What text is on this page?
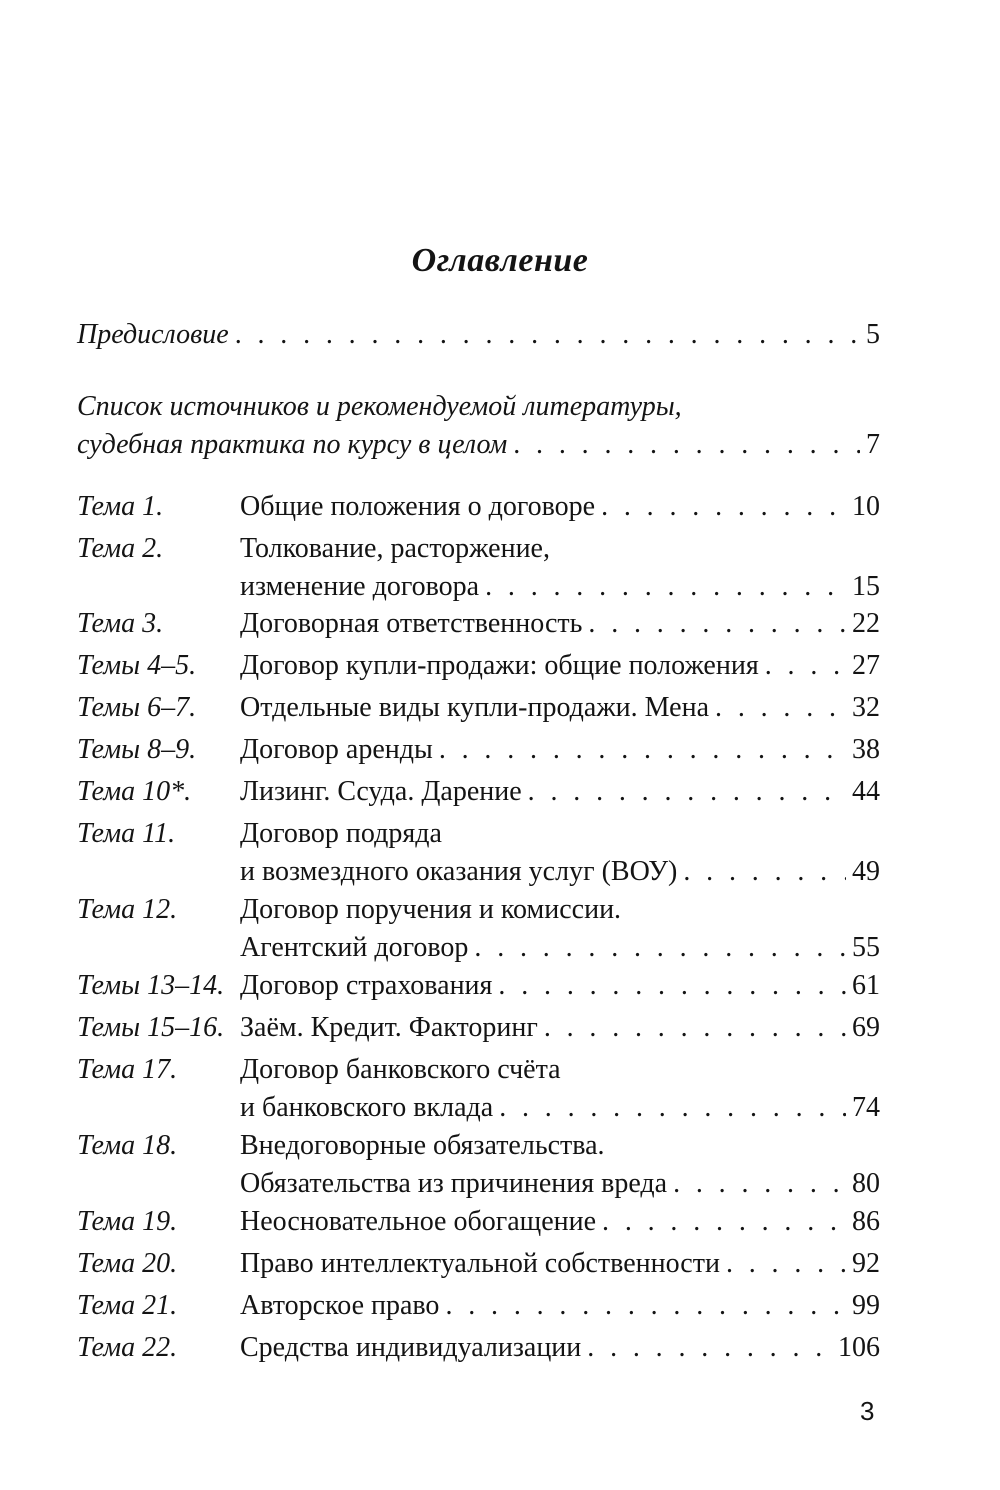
Оглавление
Предисловие . . .	5
Список источников и рекомендуемой литературы,
судебная практика по курсу в целом . . .	7
Тема 1.	Общие положения о договоре . . .	10
Тема 2.	Толкование, расторжение,
изменение договора . . .	15
Тема 3.	Договорная ответственность . . .	22
Темы 4–5.	Договор купли-продажи: общие положения . . .	27
Темы 6–7.	Отдельные виды купли-продажи. Мена . . .	32
Темы 8–9.	Договор аренды . . .	38
Тема 10*.	Лизинг. Ссуда. Дарение . . .	44
Тема 11.	Договор подряда
и возмездного оказания услуг (ВОУ) . . .	49
Тема 12.	Договор поручения и комиссии.
Агентский договор . . .	55
Темы 13–14. Договор страхования . . .	61
Темы 15–16. Заём. Кредит. Факторинг . . .	69
Тема 17.	Договор банковского счёта
и банковского вклада . . .	74
Тема 18.	Внедоговорные обязательства.
Обязательства из причинения вреда . . .	80
Тема 19.	Неосновательное обогащение . . .	86
Тема 20.	Право интеллектуальной собственности . . .	92
Тема 21.	Авторское право . . .	99
Тема 22.	Средства индивидуализации . . .	106
3
